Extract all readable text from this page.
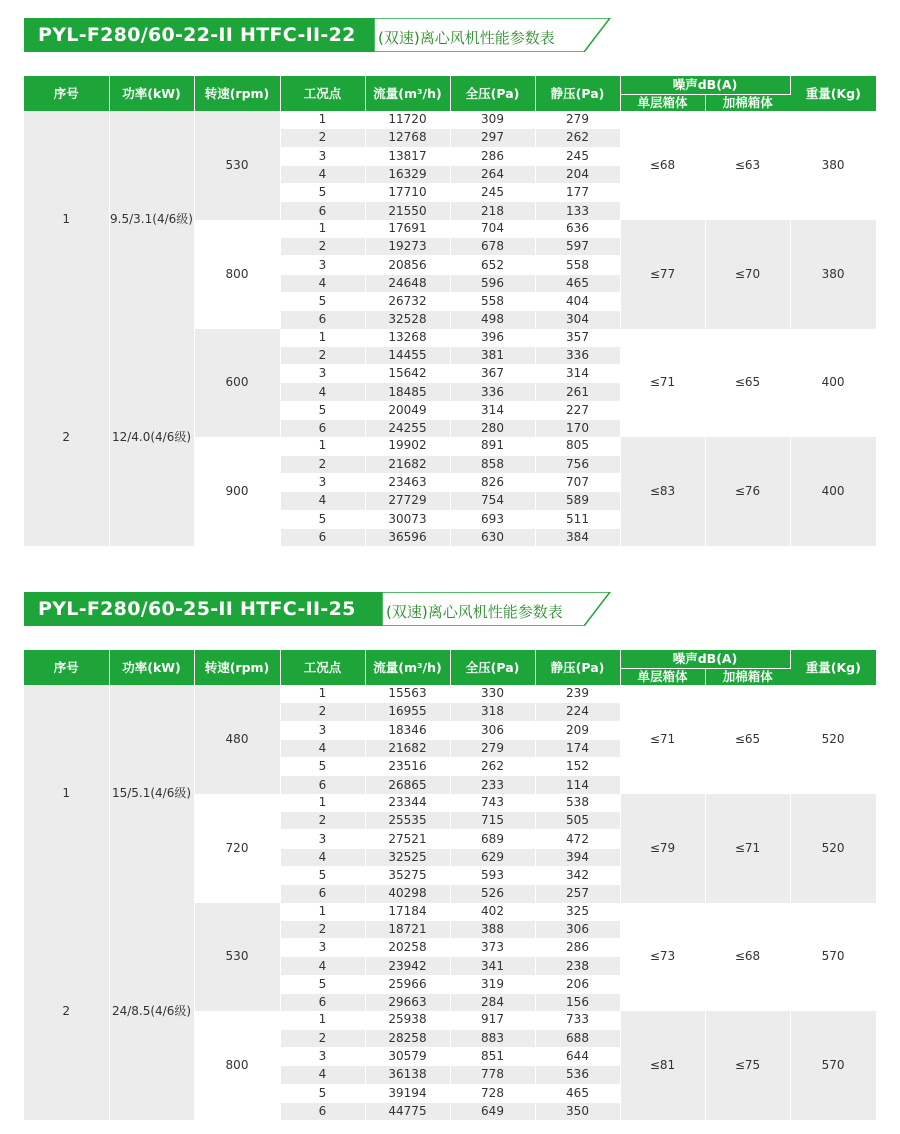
PYL-F280/60-22-II HTFC-II-22 (双速)离心风机性能参数表
序号	功率(kW)	转速(rpm)	工况点	流量(m³/h)	全压(Pa)	静压(Pa)	噪声dB(A)		重量(Kg)
							单层箱体	加棉箱体	
1	9.5/3.1(4/6级)	530	1	11720	309	279	≤68	≤63	380
			2	12768	297	262			
			3	13817	286	245			
			4	16329	264	204			
			5	17710	245	177			
			6	21550	218	133			
		800	1	17691	704	636	≤77	≤70	380
			2	19273	678	597			
			3	20856	652	558			
			4	24648	596	465			
			5	26732	558	404			
			6	32528	498	304			
2	12/4.0(4/6级)	600	1	13268	396	357	≤71	≤65	400
			2	14455	381	336			
			3	15642	367	314			
			4	18485	336	261			
			5	20049	314	227			
			6	24255	280	170			
		900	1	19902	891	805	≤83	≤76	400
			2	21682	858	756			
			3	23463	826	707			
			4	27729	754	589			
			5	30073	693	511			
			6	36596	630	384			
PYL-F280/60-25-II HTFC-II-25 (双速)离心风机性能参数表
序号	功率(kW)	转速(rpm)	工况点	流量(m³/h)	全压(Pa)	静压(Pa)	噪声dB(A)		重量(Kg)
							单层箱体	加棉箱体	
1	15/5.1(4/6级)	480	1	15563	330	239	≤71	≤65	520
			2	16955	318	224			
			3	18346	306	209			
			4	21682	279	174			
			5	23516	262	152			
			6	26865	233	114			
		720	1	23344	743	538	≤79	≤71	520
			2	25535	715	505			
			3	27521	689	472			
			4	32525	629	394			
			5	35275	593	342			
			6	40298	526	257			
2	24/8.5(4/6级)	530	1	17184	402	325	≤73	≤68	570
			2	18721	388	306			
			3	20258	373	286			
			4	23942	341	238			
			5	25966	319	206			
			6	29663	284	156			
		800	1	25938	917	733	≤81	≤75	570
			2	28258	883	688			
			3	30579	851	644			
			4	36138	778	536			
			5	39194	728	465			
			6	44775	649	350			
